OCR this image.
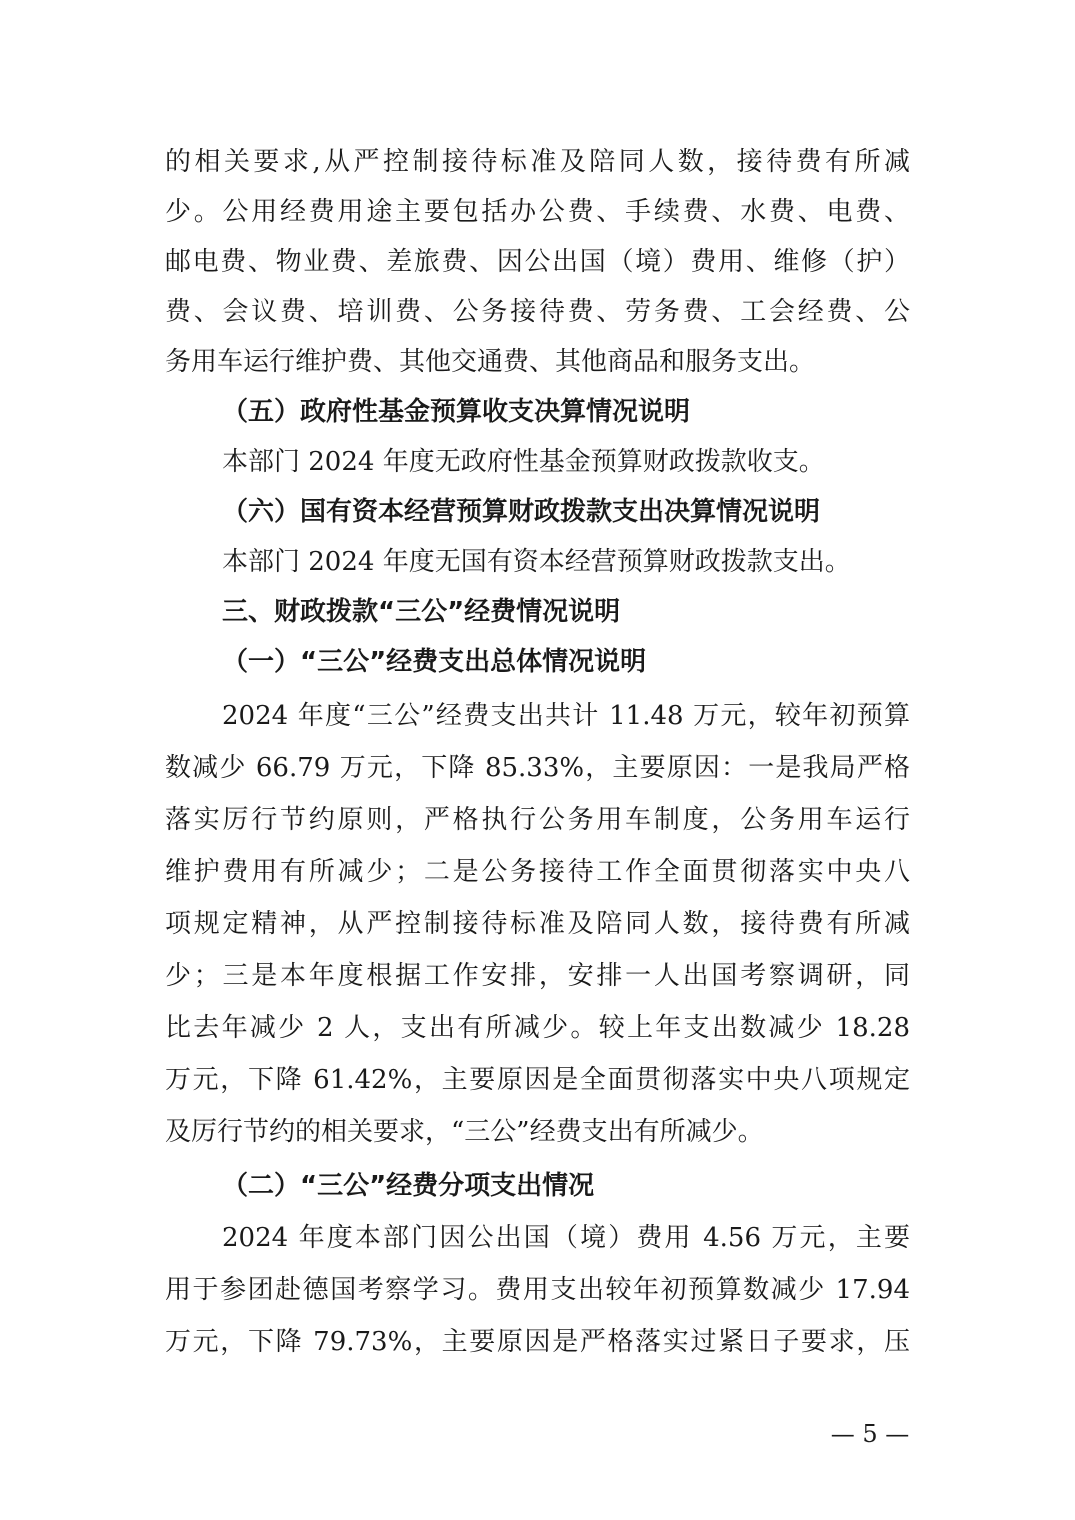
的相关要求,从严控制接待标准及陪同人数，接待费有所减
少。公用经费用途主要包括办公费、手续费、水费、电费、
邮电费、物业费、差旅费、因公出国（境）费用、维修（护）
费、会议费、培训费、公务接待费、劳务费、工会经费、公
务用车运行维护费、其他交通费、其他商品和服务支出。
（五）政府性基金预算收支决算情况说明
本部门 2024 年度无政府性基金预算财政拨款收支。
（六）国有资本经营预算财政拨款支出决算情况说明
本部门 2024 年度无国有资本经营预算财政拨款支出。
三、财政拨款“三公”经费情况说明
（一）“三公”经费支出总体情况说明
2024 年度“三公”经费支出共计 11.48 万元，较年初预算
数减少 66.79 万元，下降 85.33%，主要原因：一是我局严格
落实厉行节约原则，严格执行公务用车制度，公务用车运行
维护费用有所减少；二是公务接待工作全面贯彻落实中央八
项规定精神，从严控制接待标准及陪同人数，接待费有所减
少；三是本年度根据工作安排，安排一人出国考察调研，同
比去年减少 2 人，支出有所减少。较上年支出数减少 18.28
万元，下降 61.42%，主要原因是全面贯彻落实中央八项规定
及厉行节约的相关要求，“三公”经费支出有所减少。
（二）“三公”经费分项支出情况
2024 年度本部门因公出国（境）费用 4.56 万元，主要
用于参团赴德国考察学习。费用支出较年初预算数减少 17.94
万元，下降 79.73%，主要原因是严格落实过紧日子要求，压
— 5 —
